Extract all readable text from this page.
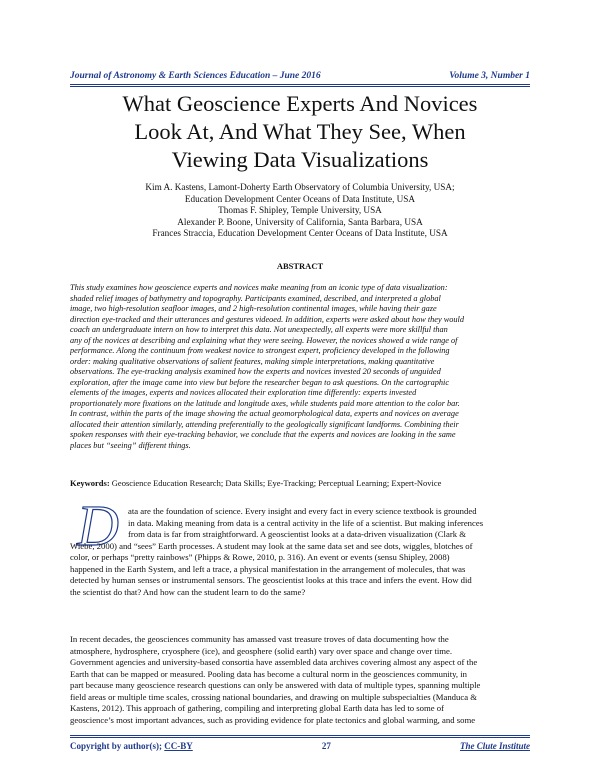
Journal of Astronomy & Earth Sciences Education – June 2016	Volume 3, Number 1
What Geoscience Experts And Novices
Look At, And What They See, When
Viewing Data Visualizations
Kim A. Kastens, Lamont-Doherty Earth Observatory of Columbia University, USA;
Education Development Center Oceans of Data Institute, USA
Thomas F. Shipley, Temple University, USA
Alexander P. Boone, University of California, Santa Barbara, USA
Frances Straccia, Education Development Center Oceans of Data Institute, USA
ABSTRACT
This study examines how geoscience experts and novices make meaning from an iconic type of data visualization:
shaded relief images of bathymetry and topography. Participants examined, described, and interpreted a global
image, two high-resolution seafloor images, and 2 high-resolution continental images, while having their gaze
direction eye-tracked and their utterances and gestures videoed. In addition, experts were asked about how they would
coach an undergraduate intern on how to interpret this data. Not unexpectedly, all experts were more skillful than
any of the novices at describing and explaining what they were seeing. However, the novices showed a wide range of
performance. Along the continuum from weakest novice to strongest expert, proficiency developed in the following
order: making qualitative observations of salient features, making simple interpretations, making quantitative
observations. The eye-tracking analysis examined how the experts and novices invested 20 seconds of unguided
exploration, after the image came into view but before the researcher began to ask questions. On the cartographic
elements of the images, experts and novices allocated their exploration time differently: experts invested
proportionately more fixations on the latitude and longitude axes, while students paid more attention to the color bar.
In contrast, within the parts of the image showing the actual geomorphological data, experts and novices on average
allocated their attention similarly, attending preferentially to the geologically significant landforms. Combining their
spoken responses with their eye-tracking behavior, we conclude that the experts and novices are looking in the same
places but “seeing” different things.
Keywords: Geoscience Education Research; Data Skills; Eye-Tracking; Perceptual Learning; Expert-Novice
D	ata are the foundation of science. Every insight and every fact in every science textbook is grounded
in data. Making meaning from data is a central activity in the life of a scientist. But making inferences
from data is far from straightforward. A geoscientist looks at a data-driven visualization (Clark &
Wiebe, 2000) and “sees” Earth processes. A student may look at the same data set and see dots, wiggles, blotches of
color, or perhaps “pretty rainbows” (Phipps & Rowe, 2010, p. 316). An event or events (sensu Shipley, 2008)
happened in the Earth System, and left a trace, a physical manifestation in the arrangement of molecules, that was
detected by human senses or instrumental sensors. The geoscientist looks at this trace and infers the event. How did
the scientist do that? And how can the student learn to do the same?
In recent decades, the geosciences community has amassed vast treasure troves of data documenting how the
atmosphere, hydrosphere, cryosphere (ice), and geosphere (solid earth) vary over space and change over time.
Government agencies and university-based consortia have assembled data archives covering almost any aspect of the
Earth that can be mapped or measured. Pooling data has become a cultural norm in the geosciences community, in
part because many geoscience research questions can only be answered with data of multiple types, spanning multiple
field areas or multiple time scales, crossing national boundaries, and drawing on multiple subspecialties (Manduca &
Kastens, 2012). This approach of gathering, compiling and interpreting global Earth data has led to some of
geoscience’s most important advances, such as providing evidence for plate tectonics and global warming, and some
Copyright by author(s); CC-BY	27	The Clute Institute
